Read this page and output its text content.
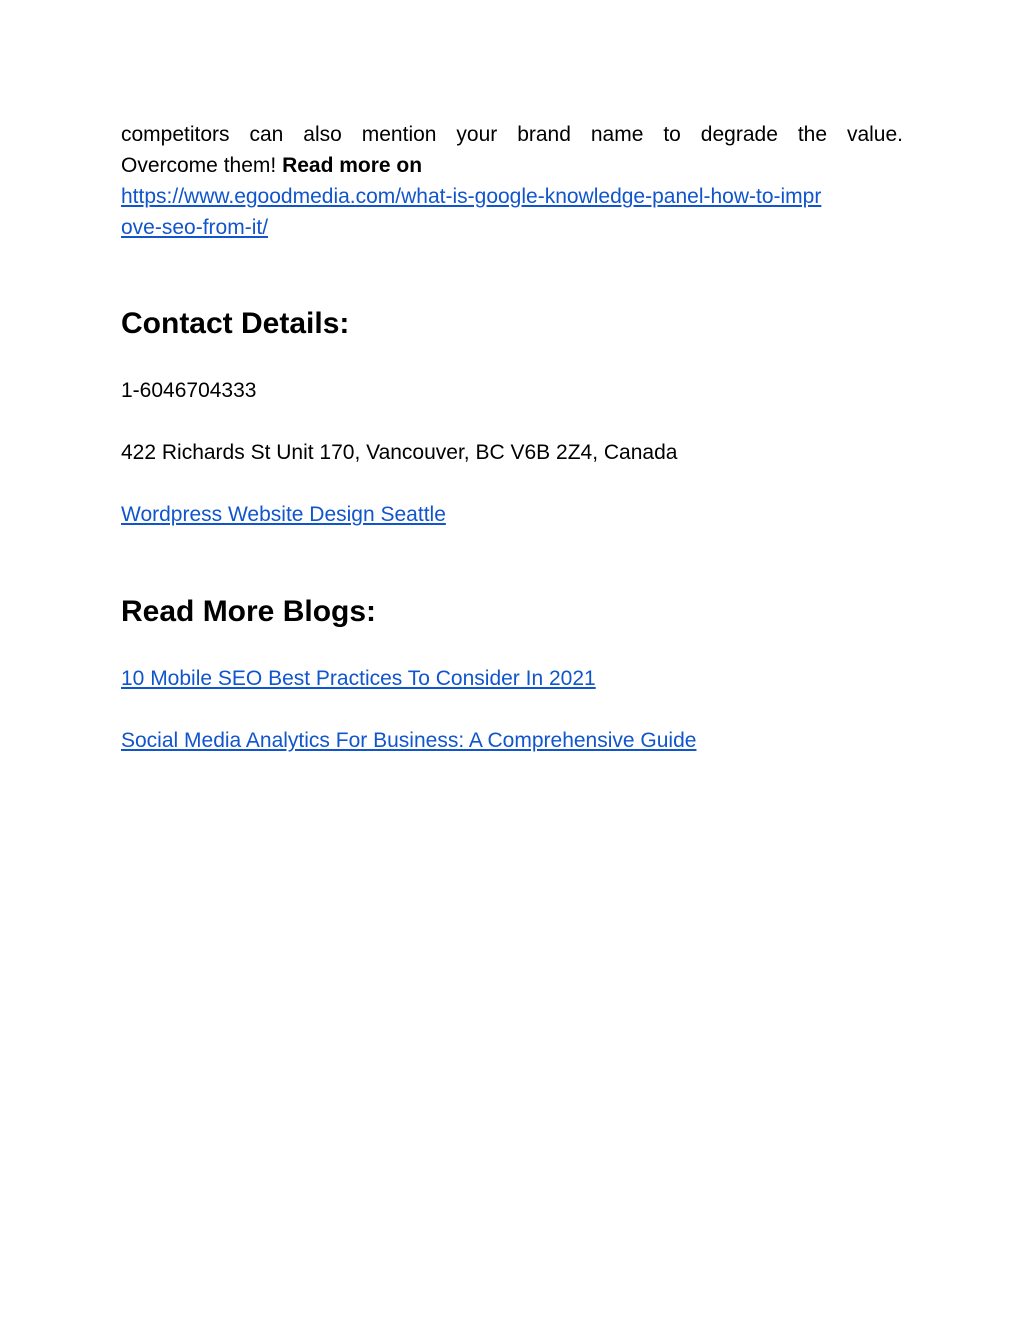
competitors can also mention your brand name to degrade the value.
Overcome them! Read more on
https://www.egoodmedia.com/what-is-google-knowledge-panel-how-to-impr
ove-seo-from-it/
Contact Details:

1-6046704333

422 Richards St Unit 170, Vancouver, BC V6B 2Z4, Canada

Wordpress Website Design Seattle

Read More Blogs:

10 Mobile SEO Best Practices To Consider In 2021

Social Media Analytics For Business: A Comprehensive Guide
